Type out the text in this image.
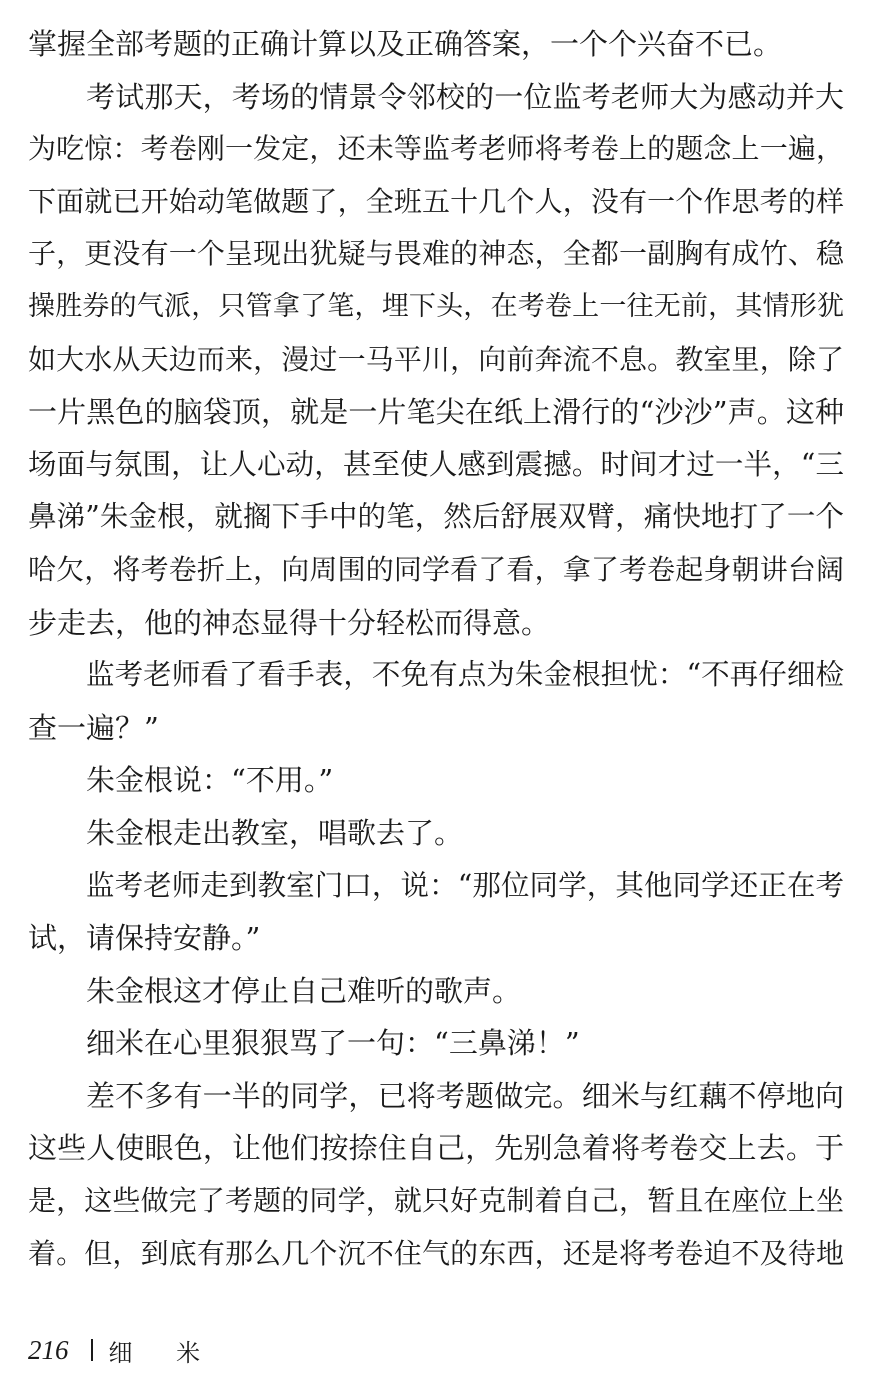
掌握全部考题的正确计算以及正确答案，一个个兴奋不已。
考试那天，考场的情景令邻校的一位监考老师大为感动并大
为吃惊：考卷刚一发定，还未等监考老师将考卷上的题念上一遍，
下面就已开始动笔做题了，全班五十几个人，没有一个作思考的样
子，更没有一个呈现出犹疑与畏难的神态，全都一副胸有成竹、稳
操胜券的气派，只管拿了笔，埋下头，在考卷上一往无前，其情形犹
如大水从天边而来，漫过一马平川，向前奔流不息。教室里，除了
一片黑色的脑袋顶，就是一片笔尖在纸上滑行的“沙沙”声。这种
场面与氛围，让人心动，甚至使人感到震撼。时间才过一半，“三
鼻涕”朱金根，就搁下手中的笔，然后舒展双臂，痛快地打了一个
哈欠，将考卷折上，向周围的同学看了看，拿了考卷起身朝讲台阔
步走去，他的神态显得十分轻松而得意。
监考老师看了看手表，不免有点为朱金根担忧：“不再仔细检
查一遍？”
朱金根说：“不用。”
朱金根走出教室，唱歌去了。
监考老师走到教室门口，说：“那位同学，其他同学还正在考
试，请保持安静。”
朱金根这才停止自己难听的歌声。
细米在心里狠狠骂了一句：“三鼻涕！”
差不多有一半的同学，已将考题做完。细米与红藕不停地向
这些人使眼色，让他们按捺住自己，先别急着将考卷交上去。于
是，这些做完了考题的同学，就只好克制着自己，暂且在座位上坐
着。但，到底有那么几个沉不住气的东西，还是将考卷迫不及待地
216 细 米
